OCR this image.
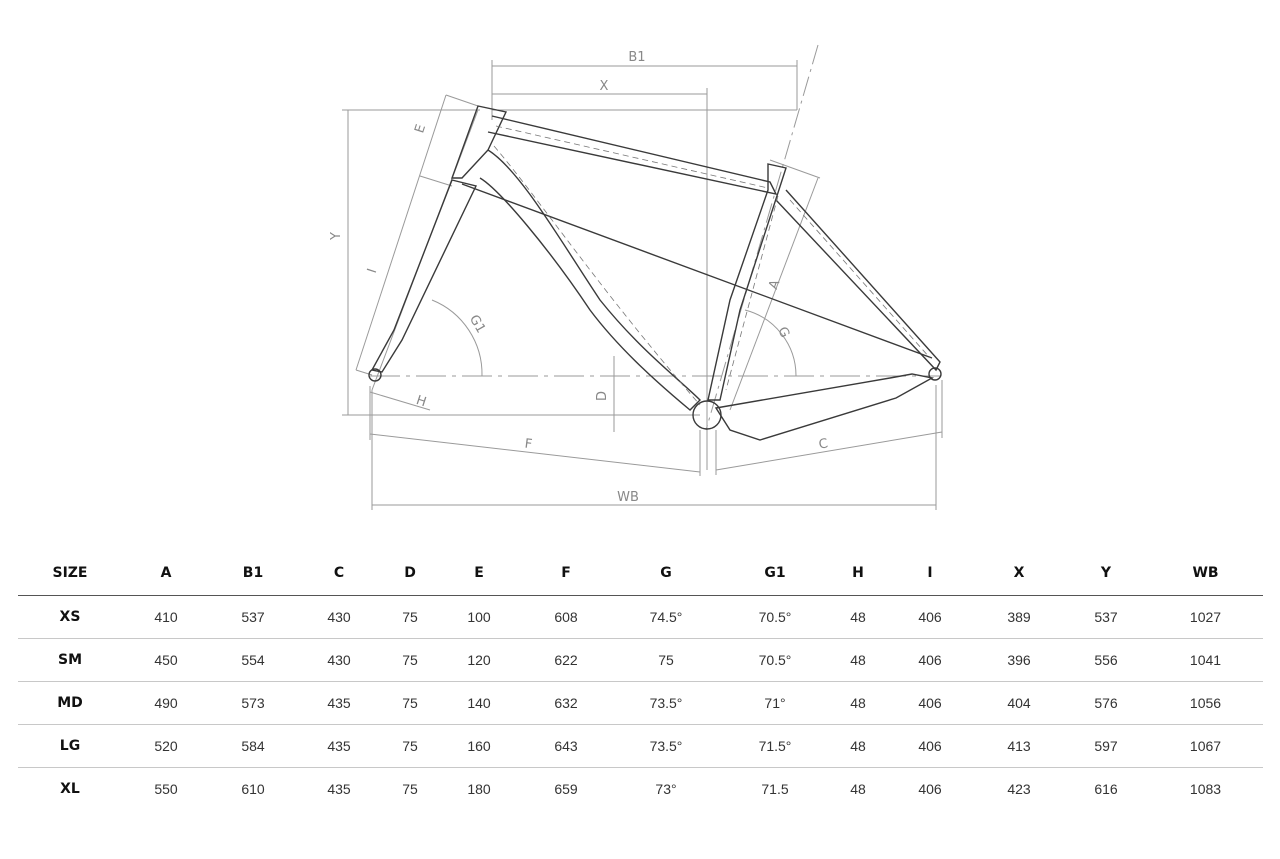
B1
X
E
Y
I
G1
H	D
F
A
G
C
WB
SIZE	A	B1	C	D	E	F	G	G1	H	I	X	Y	WB
XS	410	537	430	75	100	608	74.5°	70.5°	48	406	389	537	1027
SM	450	554	430	75	120	622	75	70.5°	48	406	396	556	1041
MD	490	573	435	75	140	632	73.5°	71°	48	406	404	576	1056
LG	520	584	435	75	160	643	73.5°	71.5°	48	406	413	597	1067
XL	550	610	435	75	180	659	73°	71.5	48	406	423	616	1083
